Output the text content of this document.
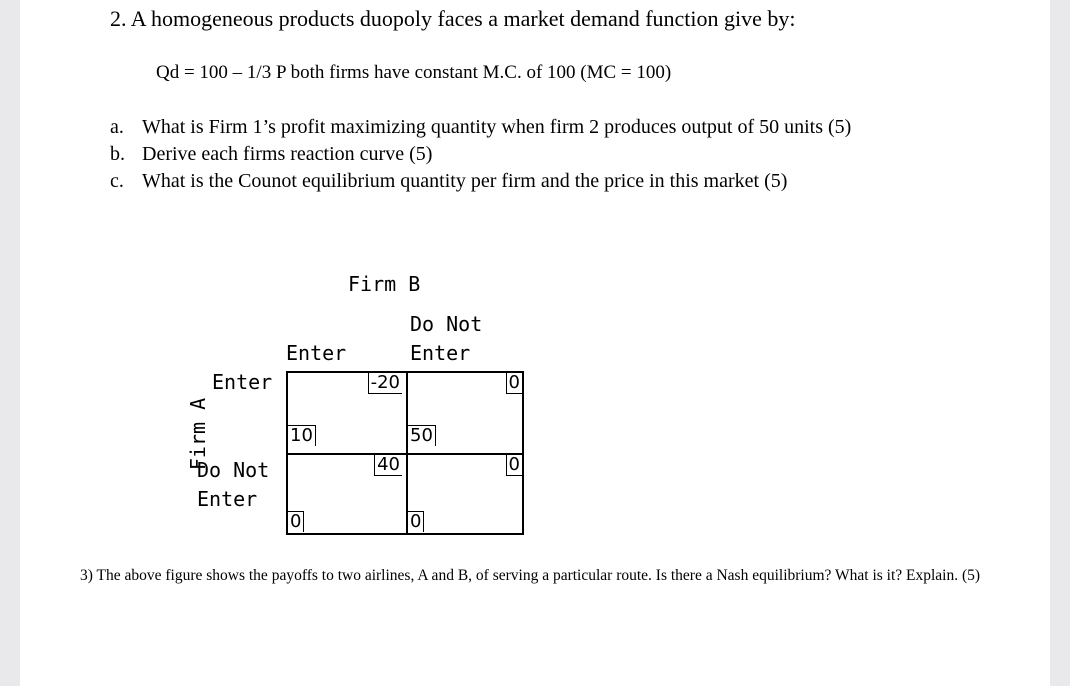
2. A homogeneous products duopoly faces a market demand function give by:
Qd = 100 – 1/3 P both firms have constant M.C. of 100 (MC = 100)
a. What is Firm 1’s profit maximizing quantity when firm 2 produces output of 50 units (5)
b. Derive each firms reaction curve (5)
c. What is the Counot equilibrium quantity per firm and the price in this market (5)
Firm B
Do Not
Enter	Enter
Enter
Do Not
Enter
Firm A
-20
10
0
50
40
0
0
0
3) The above figure shows the payoffs to two airlines, A and B, of serving a particular route. Is there a Nash equilibrium? What is it? Explain. (5)
